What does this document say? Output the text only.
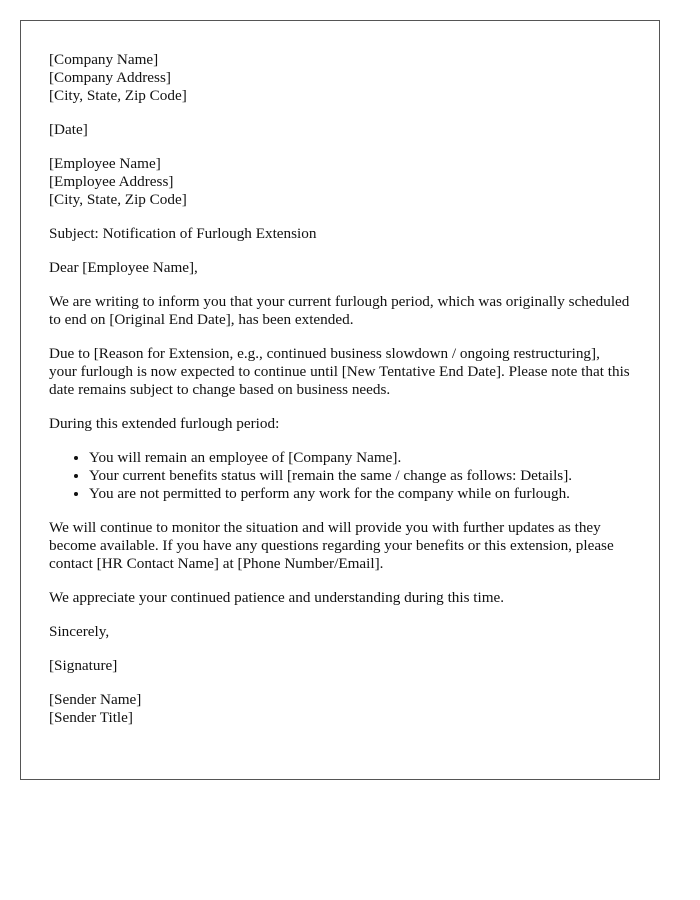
[Company Name]
[Company Address]
[City, State, Zip Code]
[Date]
[Employee Name]
[Employee Address]
[City, State, Zip Code]

Subject: Notification of Furlough Extension

Dear [Employee Name],

We are writing to inform you that your current furlough period, which was originally scheduled to end on [Original End Date], has been extended.

Due to [Reason for Extension, e.g., continued business slowdown / ongoing restructuring], your furlough is now expected to continue until [New Tentative End Date]. Please note that this date remains subject to change based on business needs.

During this extended furlough period:

• You will remain an employee of [Company Name].
• Your current benefits status will [remain the same / change as follows: Details].
• You are not permitted to perform any work for the company while on furlough.

We will continue to monitor the situation and will provide you with further updates as they become available. If you have any questions regarding your benefits or this extension, please contact [HR Contact Name] at [Phone Number/Email].

We appreciate your continued patience and understanding during this time.

Sincerely,

[Signature]

[Sender Name]
[Sender Title]
